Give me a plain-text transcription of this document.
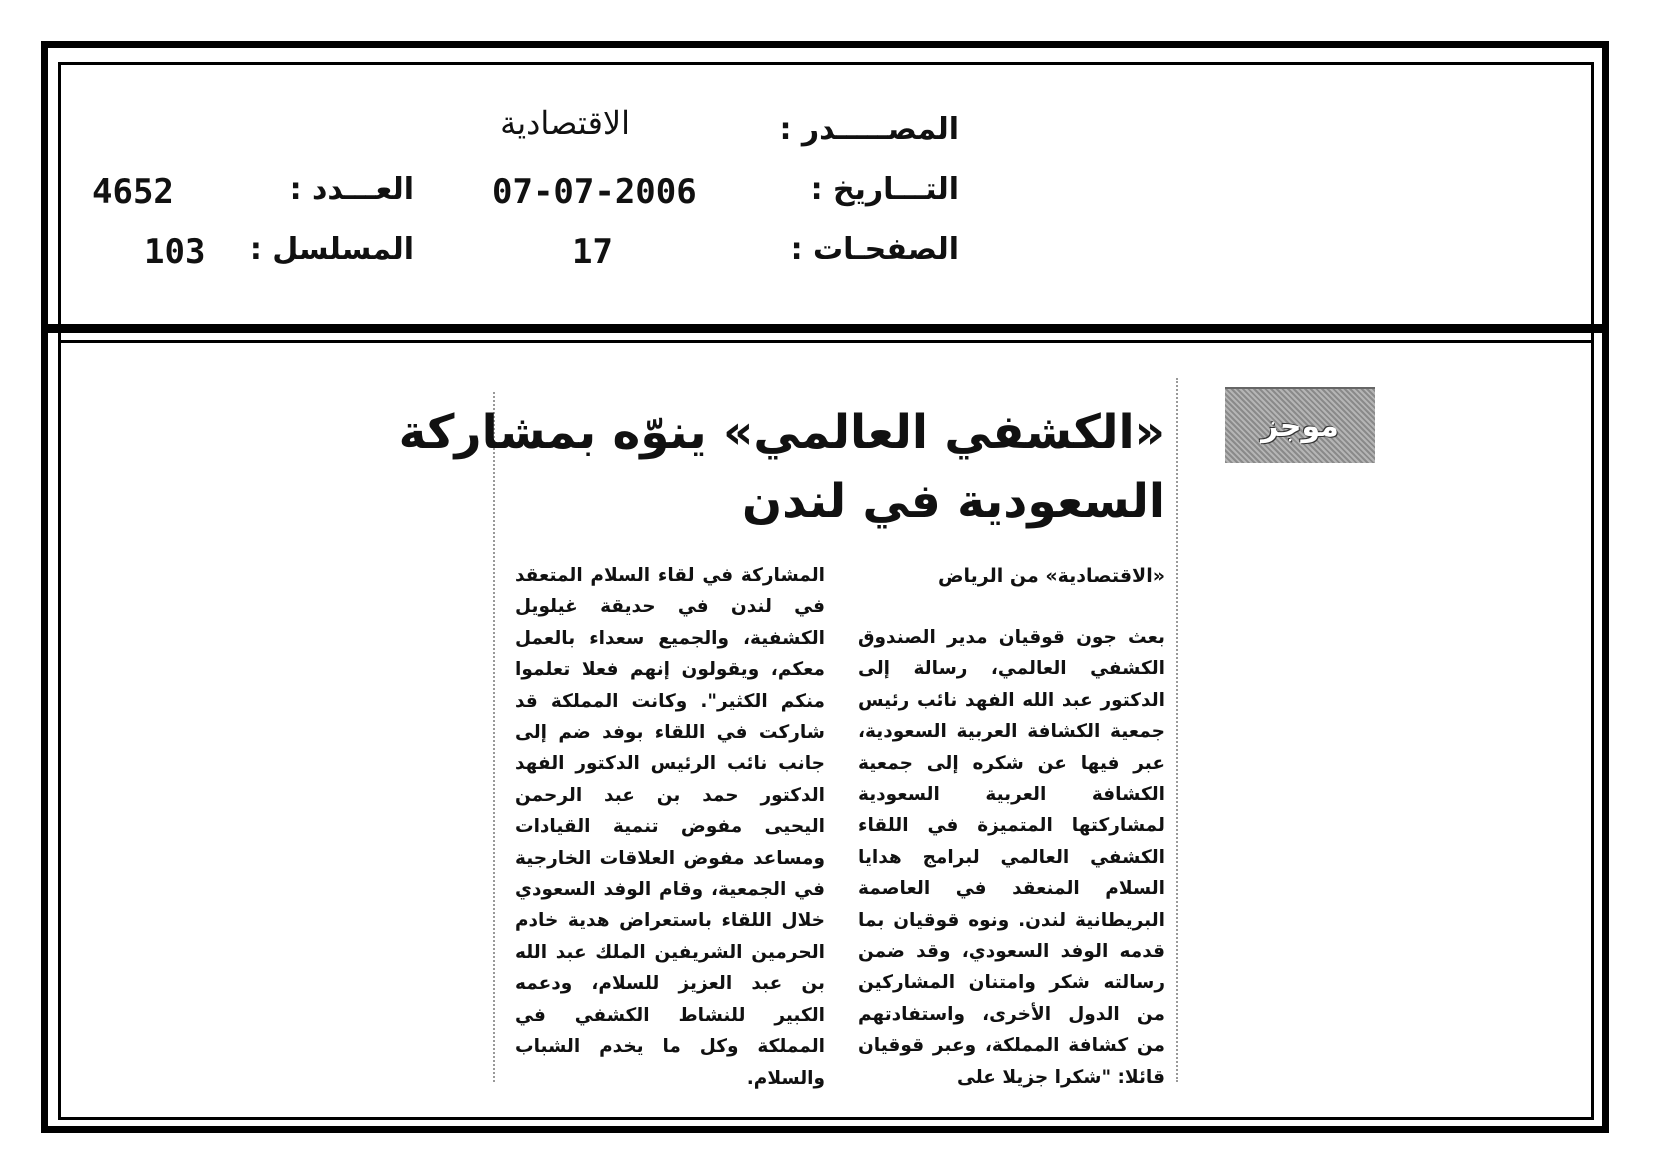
المصـــــدر :
الاقتصادية
التـــاريخ :
07-07-2006
العـــدد :
4652
الصفحـات :
17
المسلسل :
103
موجز
«الكشفي العالمي» ينوّه بمشاركة
السعودية في لندن
«الاقتصادية» من الرياض
بعث جون قوقيان مدير الصندوق الكشفي العالمي، رسالة إلى الدكتور عبد الله الفهد نائب رئيس جمعية الكشافة العربية السعودية، عبر فيها عن شكره إلى جمعية الكشافة العربية السعودية لمشاركتها المتميزة في اللقاء الكشفي العالمي لبرامج هدايا السلام المنعقد في العاصمة البريطانية لندن. ونوه قوقيان بما قدمه الوفد السعودي، وقد ضمن رسالته شكر وامتنان المشاركين من الدول الأخرى، واستفادتهم من كشافة المملكة، وعبر قوقيان قائلا: "شكرا جزيلا على
المشاركة في لقاء السلام المتعقد في لندن في حديقة غيلويل الكشفية، والجميع سعداء بالعمل معكم، ويقولون إنهم فعلا تعلموا منكم الكثير". وكانت المملكة قد شاركت في اللقاء بوفد ضم إلى جانب نائب الرئيس الدكتور الفهد الدكتور حمد بن عبد الرحمن اليحيى مفوض تنمية القيادات ومساعد مفوض العلاقات الخارجية في الجمعية، وقام الوفد السعودي خلال اللقاء باستعراض هدية خادم الحرمين الشريفين الملك عبد الله بن عبد العزيز للسلام، ودعمه الكبير للنشاط الكشفي في المملكة وكل ما يخدم الشباب والسلام.
